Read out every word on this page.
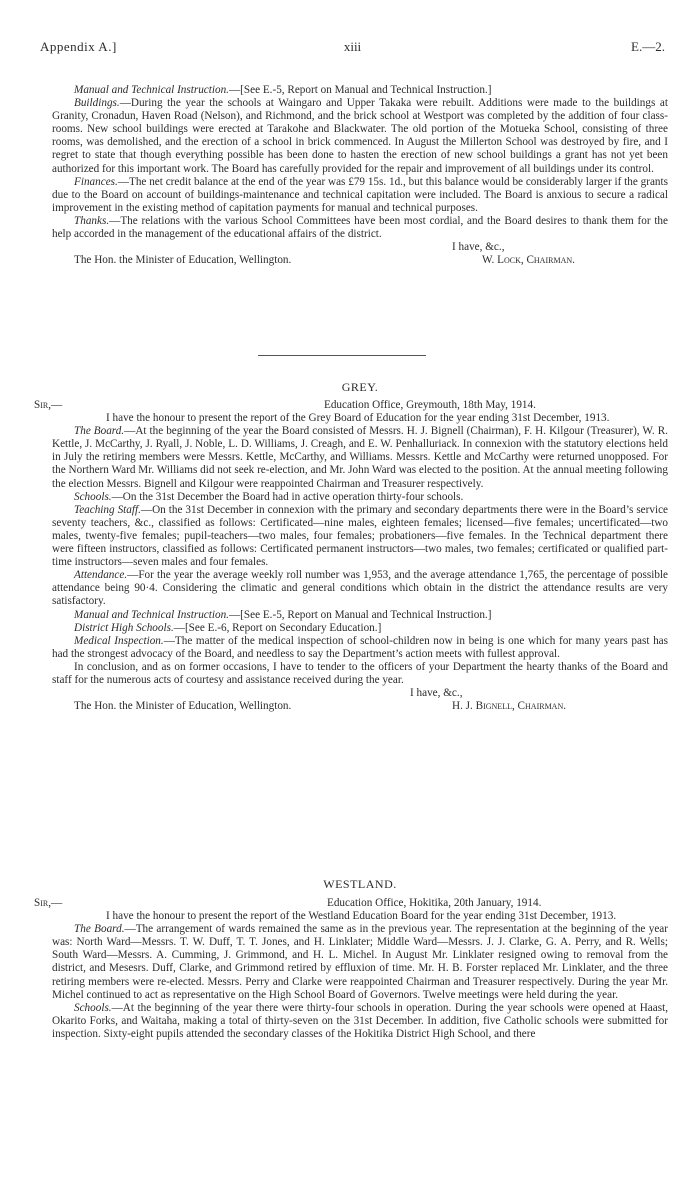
Appendix A.]	xiii	E.—2.

Manual and Technical Instruction.—[See E.-5, Report on Manual and Technical Instruction.]

Buildings.—During the year the schools at Waingaro and Upper Takaka were rebuilt. Additions were made to the buildings at Granity, Cronadun, Haven Road (Nelson), and Richmond, and the brick school at Westport was completed by the addition of four class-rooms. New school buildings were erected at Tarakohe and Blackwater. The old portion of the Motueka School, consisting of three rooms, was demolished, and the erection of a school in brick commenced. In August the Millerton School was destroyed by fire, and I regret to state that though everything possible has been done to hasten the erection of new school buildings a grant has not yet been authorized for this important work. The Board has carefully provided for the repair and improvement of all buildings under its control.

Finances.—The net credit balance at the end of the year was £79 15s. 1d., but this balance would be considerably larger if the grants due to the Board on account of buildings-maintenance and technical capitation were included. The Board is anxious to secure a radical improvement in the existing method of capitation payments for manual and technical purposes.

Thanks.—The relations with the various School Committees have been most cordial, and the Board desires to thank them for the help accorded in the management of the educational affairs of the district.

I have, &c.,
The Hon. the Minister of Education, Wellington.	W. Lock, Chairman.
GREY.
Sir,—	Education Office, Greymouth, 18th May, 1914.

I have the honour to present the report of the Grey Board of Education for the year ending 31st December, 1913.

The Board.—At the beginning of the year the Board consisted of Messrs. H. J. Bignell (Chairman), F. H. Kilgour (Treasurer), W. R. Kettle, J. McCarthy, J. Ryall, J. Noble, L. D. Williams, J. Creagh, and E. W. Penhalluriack. In connexion with the statutory elections held in July the retiring members were Messrs. Kettle, McCarthy, and Williams. Messrs. Kettle and McCarthy were returned unopposed. For the Northern Ward Mr. Williams did not seek re-election, and Mr. John Ward was elected to the position. At the annual meeting following the election Messrs. Bignell and Kilgour were reappointed Chairman and Treasurer respectively.

Schools.—On the 31st December the Board had in active operation thirty-four schools.

Teaching Staff.—On the 31st December in connexion with the primary and secondary departments there were in the Board’s service seventy teachers, &c., classified as follows: Certificated—nine males, eighteen females; licensed—five females; uncertificated—two males, twenty-five females; pupil-teachers—two males, four females; probationers—five females. In the Technical department there were fifteen instructors, classified as follows: Certificated permanent instructors—two males, two females; certificated or qualified part-time instructors—seven males and four females.

Attendance.—For the year the average weekly roll number was 1,953, and the average attendance 1,765, the percentage of possible attendance being 90·4. Considering the climatic and general conditions which obtain in the district the attendance results are very satisfactory.

Manual and Technical Instruction.—[See E.-5, Report on Manual and Technical Instruction.]

District High Schools.—[See E.-6, Report on Secondary Education.]

Medical Inspection.—The matter of the medical inspection of school-children now in being is one which for many years past has had the strongest advocacy of the Board, and needless to say the Department’s action meets with fullest approval.

In conclusion, and as on former occasions, I have to tender to the officers of your Department the hearty thanks of the Board and staff for the numerous acts of courtesy and assistance received during the year.

I have, &c.,
The Hon. the Minister of Education, Wellington.	H. J. Bignell, Chairman.
WESTLAND.
Sir,—	Education Office, Hokitika, 20th January, 1914.

I have the honour to present the report of the Westland Education Board for the year ending 31st December, 1913.

The Board.—The arrangement of wards remained the same as in the previous year. The representation at the beginning of the year was: North Ward—Messrs. T. W. Duff, T. T. Jones, and H. Linklater; Middle Ward—Messrs. J. J. Clarke, G. A. Perry, and R. Wells; South Ward—Messrs. A. Cumming, J. Grimmond, and H. L. Michel. In August Mr. Linklater resigned owing to removal from the district, and Mesesrs. Duff, Clarke, and Grimmond retired by effluxion of time. Mr. H. B. Forster replaced Mr. Linklater, and the three retiring members were re-elected. Messrs. Perry and Clarke were reappointed Chairman and Treasurer respectively. During the year Mr. Michel continued to act as representative on the High School Board of Governors. Twelve meetings were held during the year.

Schools.—At the beginning of the year there were thirty-four schools in operation. During the year schools were opened at Haast, Okarito Forks, and Waitaha, making a total of thirty-seven on the 31st December. In addition, five Catholic schools were submitted for inspection. Sixty-eight pupils attended the secondary classes of the Hokitika District High School, and there
